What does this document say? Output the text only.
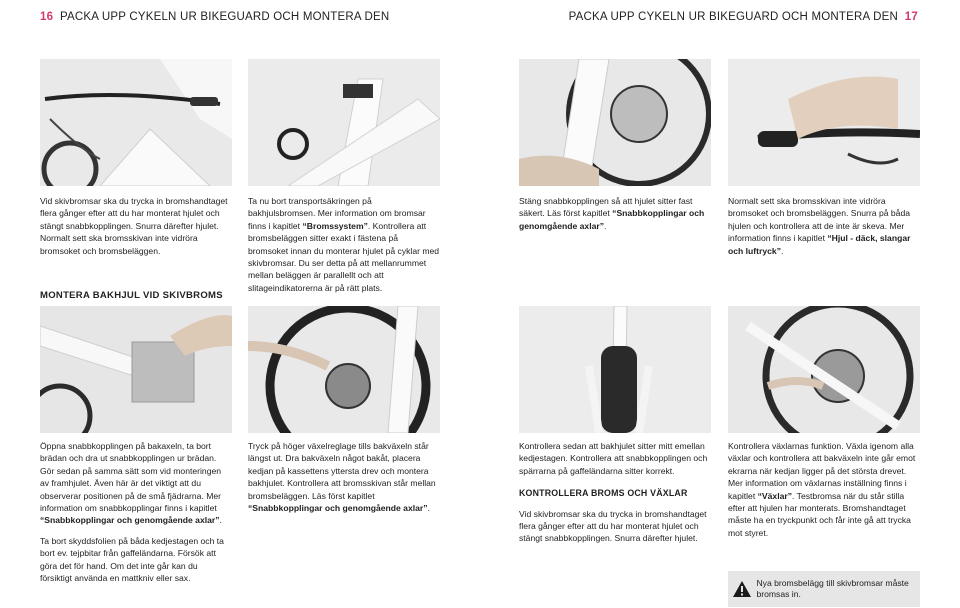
16 PACKA UPP CYKELN UR BIKEGUARD OCH MONTERA DEN	PACKA UPP CYKELN UR BIKEGUARD OCH MONTERA DEN 17
Vid skivbromsar ska du trycka in bromshandtaget flera gånger efter att du har monterat hjulet och stängt snabbkopplingen. Snurra därefter hjulet. Normalt sett ska bromsskivan inte vidröra bromsoket och bromsbeläggen.
Ta nu bort transportsäkringen på bakhjulsbromsen. Mer information om bromsar finns i kapitlet “Bromssystem”. Kontrollera att bromsbeläggen sitter exakt i fästena på bromsoket innan du monterar hjulet på cyklar med skivbromsar. Du ser detta på att mellanrummet mellan beläggen är parallellt och att slitageindikatorerna är på rätt plats.
Stäng snabbkopplingen så att hjulet sitter fast säkert. Läs först kapitlet “Snabbkopplingar och genomgående axlar”.
Normalt sett ska bromsskivan inte vidröra bromsoket och bromsbeläggen. Snurra på båda hjulen och kontrollera att de inte är skeva. Mer information finns i kapitlet “Hjul - däck, slangar och luftryck”.
MONTERA BAKHJUL VID SKIVBROMS

Öppna snabbkopplingen på bakaxeln, ta bort brädan och dra ut snabbkopplingen ur brädan. Gör sedan på samma sätt som vid monteringen av framhjulet. Även här är det viktigt att du observerar positionen på de små fjädrarna. Mer information om snabbkopplingar finns i kapitlet “Snabbkopplingar och genomgående axlar”.

Ta bort skyddsfolien på båda kedjestagen och ta bort ev. tejpbitar från gaffeländarna. Försök att göra det för hand. Om det inte går kan du försiktigt använda en mattkniv eller sax.

Tryck på höger växelreglage tills bakväxeln står längst ut. Dra bakväxeln något bakåt, placera kedjan på kassettens yttersta drev och montera bakhjulet. Kontrollera att bromsskivan står mellan bromsbeläggen. Läs först kapitlet “Snabbkopplingar och genomgående axlar”.

Kontrollera sedan att bakhjulet sitter mitt emellan kedjestagen. Kontrollera att snabbkopplingen och spärrarna på gaffeländarna sitter korrekt.

KONTROLLERA BROMS OCH VÄXLAR

Vid skivbromsar ska du trycka in bromshandtaget flera gånger efter att du har monterat hjulet och stängt snabbkopplingen. Snurra därefter hjulet.

Kontrollera växlarnas funktion. Växla igenom alla växlar och kontrollera att bakväxeln inte går emot ekrarna när kedjan ligger på det största drevet. Mer information om växlarnas inställning finns i kapitlet “Växlar”. Testbromsa när du står stilla efter att hjulen har monterats. Bromshandtaget måste ha en tryckpunkt och får inte gå att trycka mot styret.
Nya bromsbelägg till skivbromsar måste bromsas in.
